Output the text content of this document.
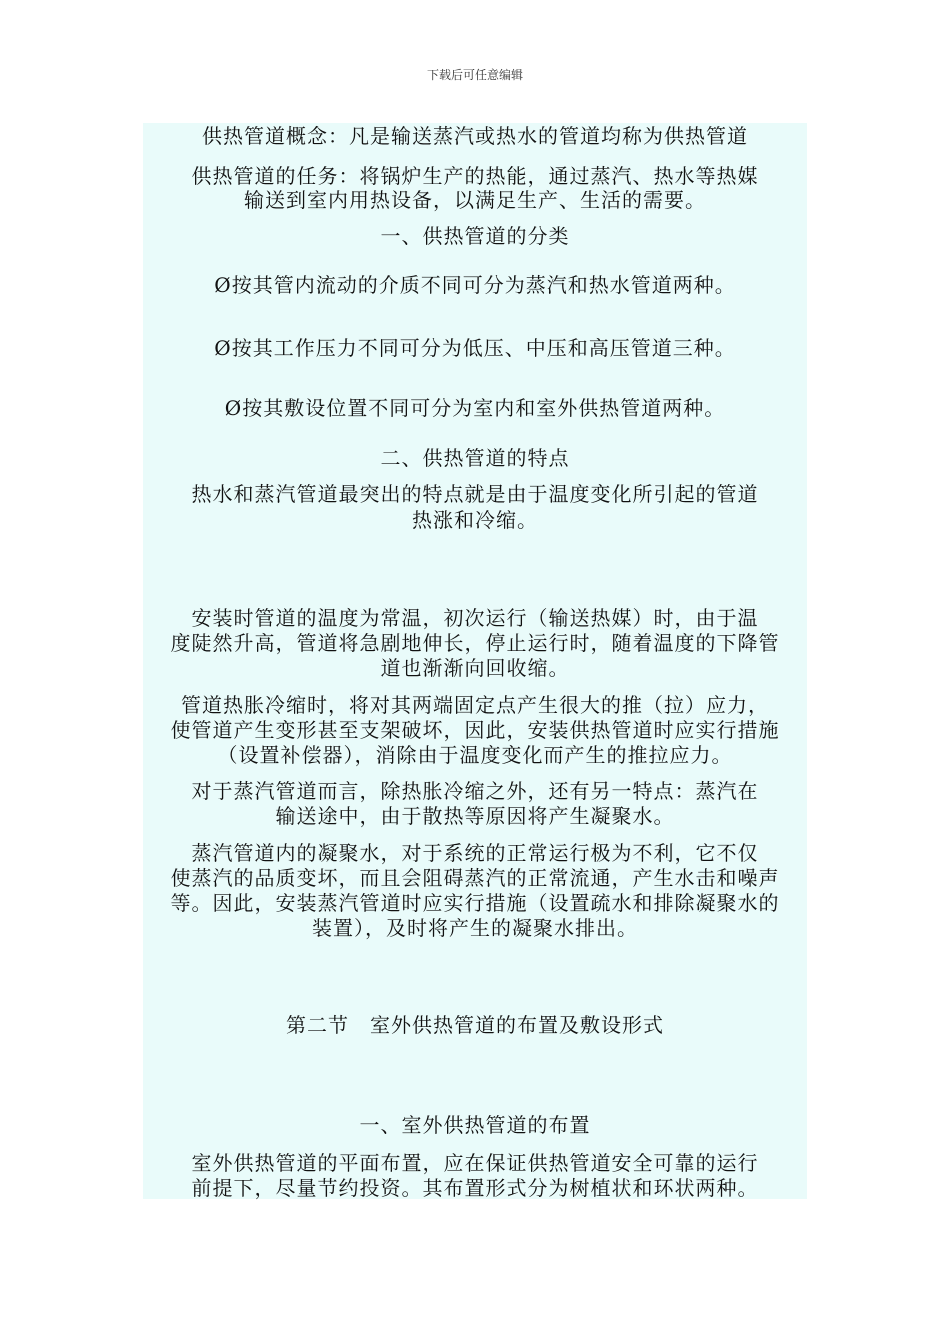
下载后可任意编辑
供热管道概念：凡是输送蒸汽或热水的管道均称为供热管道
供热管道的任务：将锅炉生产的热能，通过蒸汽、热水等热媒
输送到室内用热设备，以满足生产、生活的需要。
一、供热管道的分类
Ø按其管内流动的介质不同可分为蒸汽和热水管道两种。
Ø按其工作压力不同可分为低压、中压和高压管道三种。
Ø按其敷设位置不同可分为室内和室外供热管道两种。
二、供热管道的特点
热水和蒸汽管道最突出的特点就是由于温度变化所引起的管道
热涨和冷缩。
安装时管道的温度为常温，初次运行（输送热媒）时，由于温
度陡然升高，管道将急剧地伸长，停止运行时，随着温度的下降管
道也渐渐向回收缩。
管道热胀冷缩时，将对其两端固定点产生很大的推（拉）应力，
使管道产生变形甚至支架破坏，因此，安装供热管道时应实行措施
（设置补偿器），消除由于温度变化而产生的推拉应力。
对于蒸汽管道而言，除热胀冷缩之外，还有另一特点：蒸汽在
输送途中，由于散热等原因将产生凝聚水。
蒸汽管道内的凝聚水，对于系统的正常运行极为不利，它不仅
使蒸汽的品质变坏，而且会阻碍蒸汽的正常流通，产生水击和噪声
等。因此，安装蒸汽管道时应实行措施（设置疏水和排除凝聚水的
装置），及时将产生的凝聚水排出。
第二节　室外供热管道的布置及敷设形式
一、室外供热管道的布置
室外供热管道的平面布置，应在保证供热管道安全可靠的运行
前提下，尽量节约投资。其布置形式分为树植状和环状两种。
